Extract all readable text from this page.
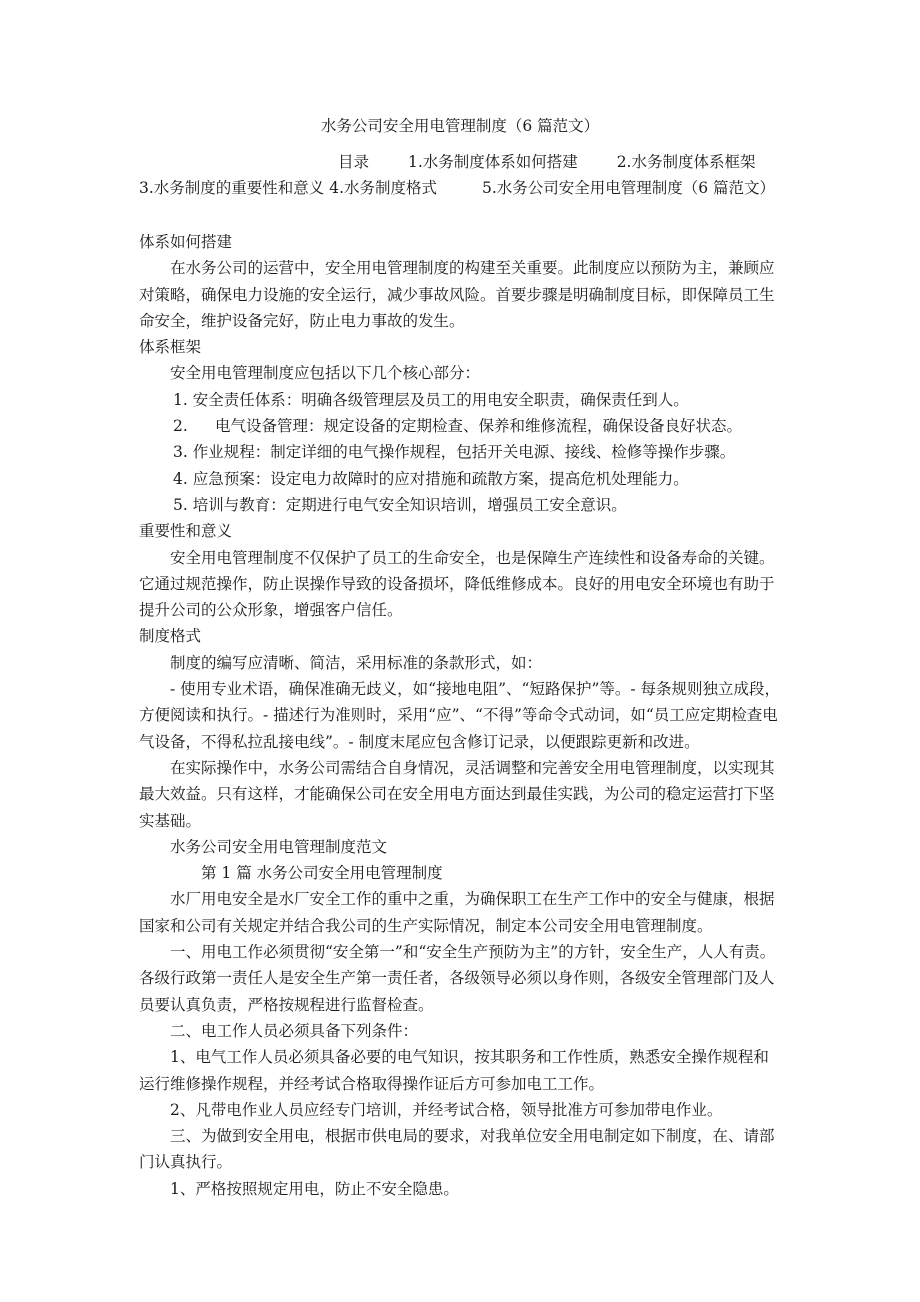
水务公司安全用电管理制度（6 篇范文）
目录	1.水务制度体系如何搭建	2.水务制度体系框架
3.水务制度的重要性和意义 4.水务制度格式	5.水务公司安全用电管理制度（6 篇范文）

体系如何搭建

在水务公司的运营中，安全用电管理制度的构建至关重要。此制度应以预防为主，兼顾应对策略，确保电力设施的安全运行，减少事故风险。首要步骤是明确制度目标，即保障员工生命安全，维护设备完好，防止电力事故的发生。

体系框架

安全用电管理制度应包括以下几个核心部分：

1. 安全责任体系：明确各级管理层及员工的用电安全职责，确保责任到人。

2. 电气设备管理：规定设备的定期检查、保养和维修流程，确保设备良好状态。

3. 作业规程：制定详细的电气操作规程，包括开关电源、接线、检修等操作步骤。

4. 应急预案：设定电力故障时的应对措施和疏散方案，提高危机处理能力。

5. 培训与教育：定期进行电气安全知识培训，增强员工安全意识。

重要性和意义

安全用电管理制度不仅保护了员工的生命安全，也是保障生产连续性和设备寿命的关键。它通过规范操作，防止误操作导致的设备损坏，降低维修成本。良好的用电安全环境也有助于提升公司的公众形象，增强客户信任。

制度格式

制度的编写应清晰、简洁，采用标准的条款形式，如：

- 使用专业术语，确保准确无歧义，如“接地电阻”、“短路保护”等。- 每条规则独立成段，方便阅读和执行。- 描述行为准则时，采用“应”、“不得”等命令式动词，如“员工应定期检查电气设备，不得私拉乱接电线”。- 制度末尾应包含修订记录，以便跟踪更新和改进。

在实际操作中，水务公司需结合自身情况，灵活调整和完善安全用电管理制度，以实现其最大效益。只有这样，才能确保公司在安全用电方面达到最佳实践，为公司的稳定运营打下坚实基础。

水务公司安全用电管理制度范文

第 1 篇 水务公司安全用电管理制度

水厂用电安全是水厂安全工作的重中之重，为确保职工在生产工作中的安全与健康，根据国家和公司有关规定并结合我公司的生产实际情况，制定本公司安全用电管理制度。

一、用电工作必须贯彻“安全第一”和“安全生产预防为主”的方针，安全生产，人人有责。各级行政第一责任人是安全生产第一责任者，各级领导必须以身作则，各级安全管理部门及人员要认真负责，严格按规程进行监督检查。

二、电工作人员必须具备下列条件：

1、电气工作人员必须具备必要的电气知识，按其职务和工作性质，熟悉安全操作规程和运行维修操作规程，并经考试合格取得操作证后方可参加电工工作。

2、凡带电作业人员应经专门培训，并经考试合格，领导批准方可参加带电作业。

三、为做到安全用电，根据市供电局的要求，对我单位安全用电制定如下制度，在、请部门认真执行。

1、严格按照规定用电，防止不安全隐患。
